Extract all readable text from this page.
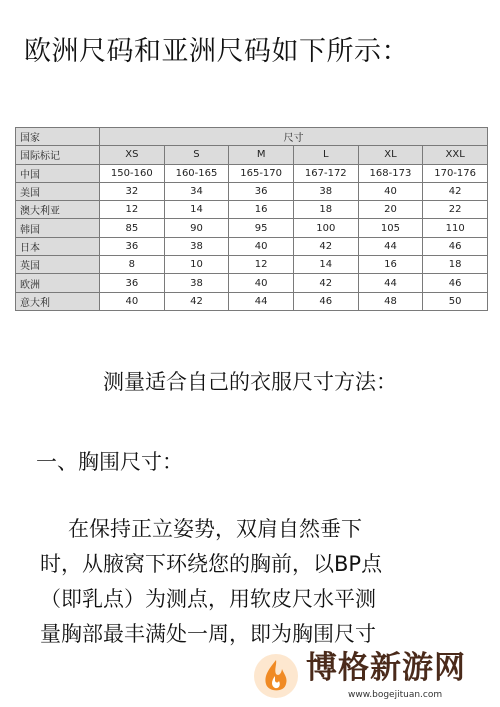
欧洲尺码和亚洲尺码如下所示：
国家	尺寸					
国际标记	XS	S	M	L	XL	XXL
中国	150-160	160-165	165-170	167-172	168-173	170-176
美国	32	34	36	38	40	42
澳大利亚	12	14	16	18	20	22
韩国	85	90	95	100	105	110
日本	36	38	40	42	44	46
英国	8	10	12	14	16	18
欧洲	36	38	40	42	44	46
意大利	40	42	44	46	48	50
测量适合自己的衣服尺寸方法：
一、胸围尺寸：
在保持正立姿势，双肩自然垂下
时，从腋窝下环绕您的胸前，以BP点
（即乳点）为测点，用软皮尺水平测
量胸部最丰满处一周，即为胸围尺寸
博格新游网
www.bogejituan.com
